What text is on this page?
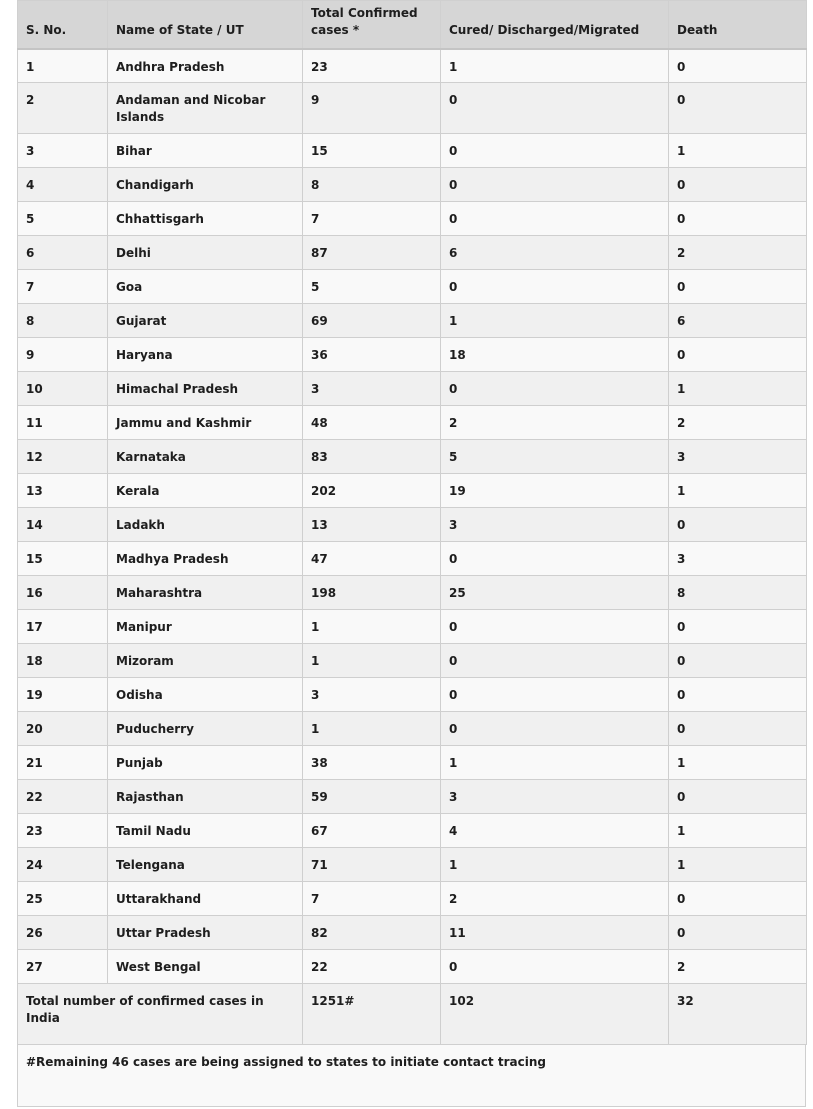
S. No.	Name of State / UT	Total Confirmed cases *	Cured/ Discharged/Migrated	Death
1	Andhra Pradesh	23	1	0
2	Andaman and Nicobar Islands	9	0	0
3	Bihar	15	0	1
4	Chandigarh	8	0	0
5	Chhattisgarh	7	0	0
6	Delhi	87	6	2
7	Goa	5	0	0
8	Gujarat	69	1	6
9	Haryana	36	18	0
10	Himachal Pradesh	3	0	1
11	Jammu and Kashmir	48	2	2
12	Karnataka	83	5	3
13	Kerala	202	19	1
14	Ladakh	13	3	0
15	Madhya Pradesh	47	0	3
16	Maharashtra	198	25	8
17	Manipur	1	0	0
18	Mizoram	1	0	0
19	Odisha	3	0	0
20	Puducherry	1	0	0
21	Punjab	38	1	1
22	Rajasthan	59	3	0
23	Tamil Nadu	67	4	1
24	Telengana	71	1	1
25	Uttarakhand	7	2	0
26	Uttar Pradesh	82	11	0
27	West Bengal	22	0	2
Total number of confirmed cases in India		1251#	102	32
#Remaining 46 cases are being assigned to states to initiate contact tracing
